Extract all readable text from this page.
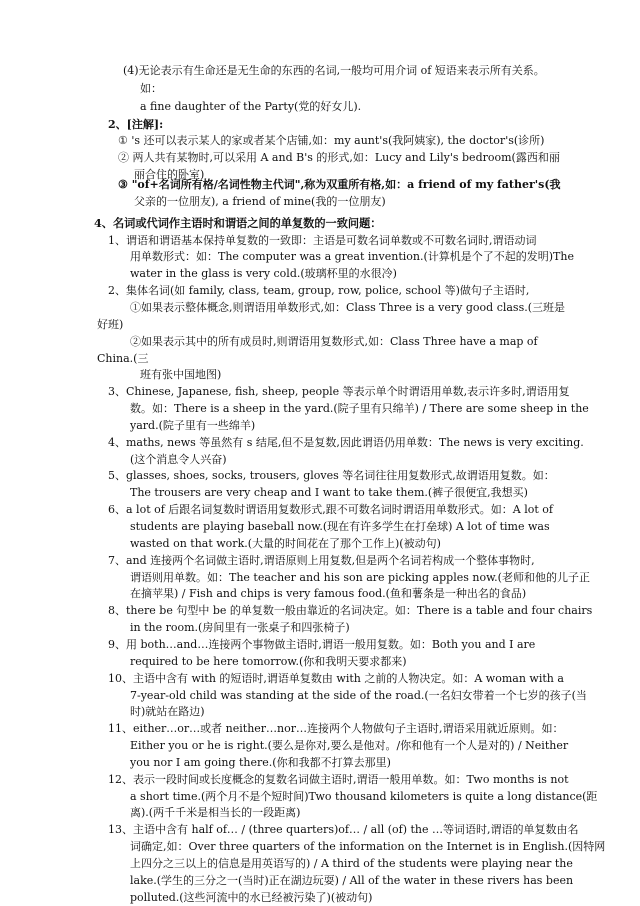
(4)无论表示有生命还是无生命的东西的名词,一般均可用介词 of 短语来表示所有关系。
如：
a fine daughter of the Party(党的好女儿).
2、[注解]:
① 's 还可以表示某人的家或者某个店铺,如：my aunt's(我阿姨家), the doctor's(诊所)
② 两人共有某物时,可以采用 A and B's 的形式,如：Lucy and Lily's bedroom(露西和丽
丽合住的卧室)
③ "of+名词所有格/名词性物主代词",称为双重所有格,如：a friend of my father's(我
父亲的一位朋友), a friend of mine(我的一位朋友)
4、名词或代词作主语时和谓语之间的单复数的一致问题：
1、谓语和谓语基本保持单复数的一致即：主语是可数名词单数或不可数名词时,谓语动词
用单数形式：如：The computer was a great invention.(计算机是个了不起的发明)The
water in the glass is very cold.(玻璃杯里的水很冷)
2、集体名词(如 family, class, team, group, row, police, school 等)做句子主语时,
①如果表示整体概念,则谓语用单数形式,如：Class Three is a very good class.(三班是
好班)
②如果表示其中的所有成员时,则谓语用复数形式,如：Class Three have a map of
China.(三
班有张中国地图)
3、Chinese, Japanese, fish, sheep, people 等表示单个时谓语用单数,表示许多时,谓语用复
数。如：There is a sheep in the yard.(院子里有只绵羊) / There are some sheep in the
yard.(院子里有一些绵羊)
4、maths, news 等虽然有 s 结尾,但不是复数,因此谓语仍用单数：The news is very exciting.
(这个消息令人兴奋)
5、glasses, shoes, socks, trousers, gloves 等名词往往用复数形式,故谓语用复数。如：
The trousers are very cheap and I want to take them.(裤子很便宜,我想买)
6、a lot of 后跟名词复数时谓语用复数形式,跟不可数名词时谓语用单数形式。如：A lot of
students are playing baseball now.(现在有许多学生在打垒球) A lot of time was
wasted on that work.(大量的时间花在了那个工作上)(被动句)
7、and 连接两个名词做主语时,谓语原则上用复数,但是两个名词若构成一个整体事物时,
谓语则用单数。如：The teacher and his son are picking apples now.(老师和他的儿子正
在摘苹果) / Fish and chips is very famous food.(鱼和薯条是一种出名的食品)
8、there be 句型中 be 的单复数一般由靠近的名词决定。如：There is a table and four chairs
in the room.(房间里有一张桌子和四张椅子)
9、用 both…and…连接两个事物做主语时,谓语一般用复数。如：Both you and I are
required to be here tomorrow.(你和我明天要求都来)
10、主语中含有 with 的短语时,谓语单复数由 with 之前的人物决定。如：A woman with a
7-year-old child was standing at the side of the road.(一名妇女带着一个七岁的孩子(当
时)就站在路边)
11、either…or…或者 neither…nor…连接两个人物做句子主语时,谓语采用就近原则。如：
Either you or he is right.(要么是你对,要么是他对。/你和他有一个人是对的) / Neither
you nor I am going there.(你和我都不打算去那里)
12、表示一段时间或长度概念的复数名词做主语时,谓语一般用单数。如：Two months is not
a short time.(两个月不是个短时间)Two thousand kilometers is quite a long distance(距
离).(两千千米是相当长的一段距离)
13、主语中含有 half of… / (three quarters)of… / all (of) the …等词语时,谓语的单复数由名
词确定,如：Over three quarters of the information on the Internet is in English.(因特网
上四分之三以上的信息是用英语写的) / A third of the students were playing near the
lake.(学生的三分之一(当时)正在湖边玩耍) / All of the water in these rivers has been
polluted.(这些河流中的水已经被污染了)(被动句)
